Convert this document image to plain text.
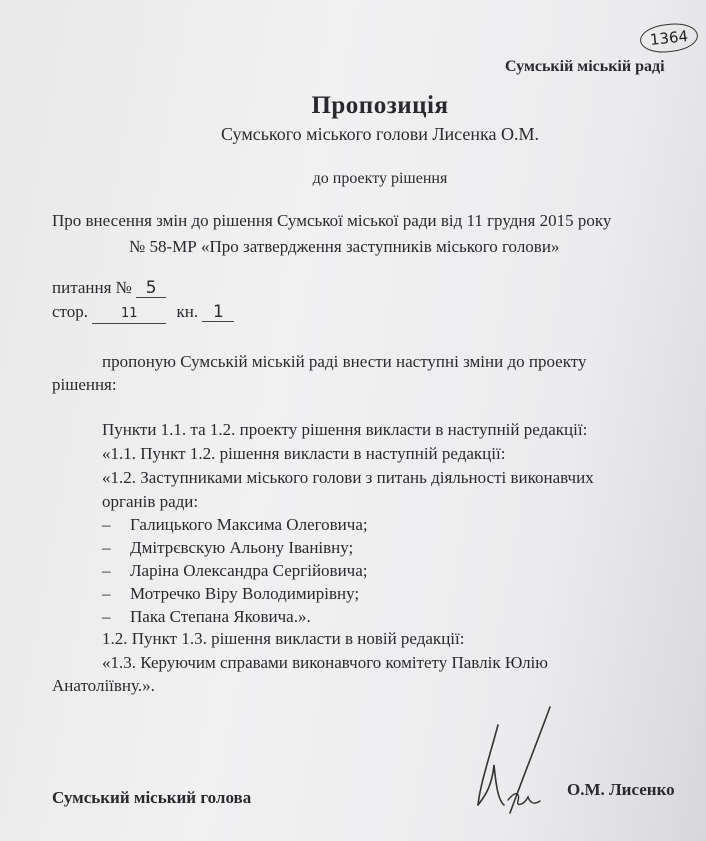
1364
Сумській міській раді
Пропозиція
Сумського міського голови Лисенка О.М.
до проекту рішення
Про внесення змін до рішення Сумської міської ради від 11 грудня 2015 року
№ 58-МР «Про затвердження заступників міського голови»
питання № 5
стор.	11 кн. 1
пропоную Сумській міській раді внести наступні зміни до проекту
рішення:
Пункти 1.1. та 1.2. проекту рішення викласти в наступній редакції:
«1.1. Пункт 1.2. рішення викласти в наступній редакції:
«1.2. Заступниками міського голови з питань діяльності виконавчих
органів ради:
– Галицького Максима Олеговича;
– Дмітрєвскую Альону Іванівну;
– Ларіна Олександра Сергійовича;
– Мотречко Віру Володимирівну;
– Пака Степана Яковича.».
1.2. Пункт 1.3. рішення викласти в новій редакції:
«1.3. Керуючим справами виконавчого комітету Павлік Юлію
Анатоліївну.».
Сумський міський голова	О.М. Лисенко
